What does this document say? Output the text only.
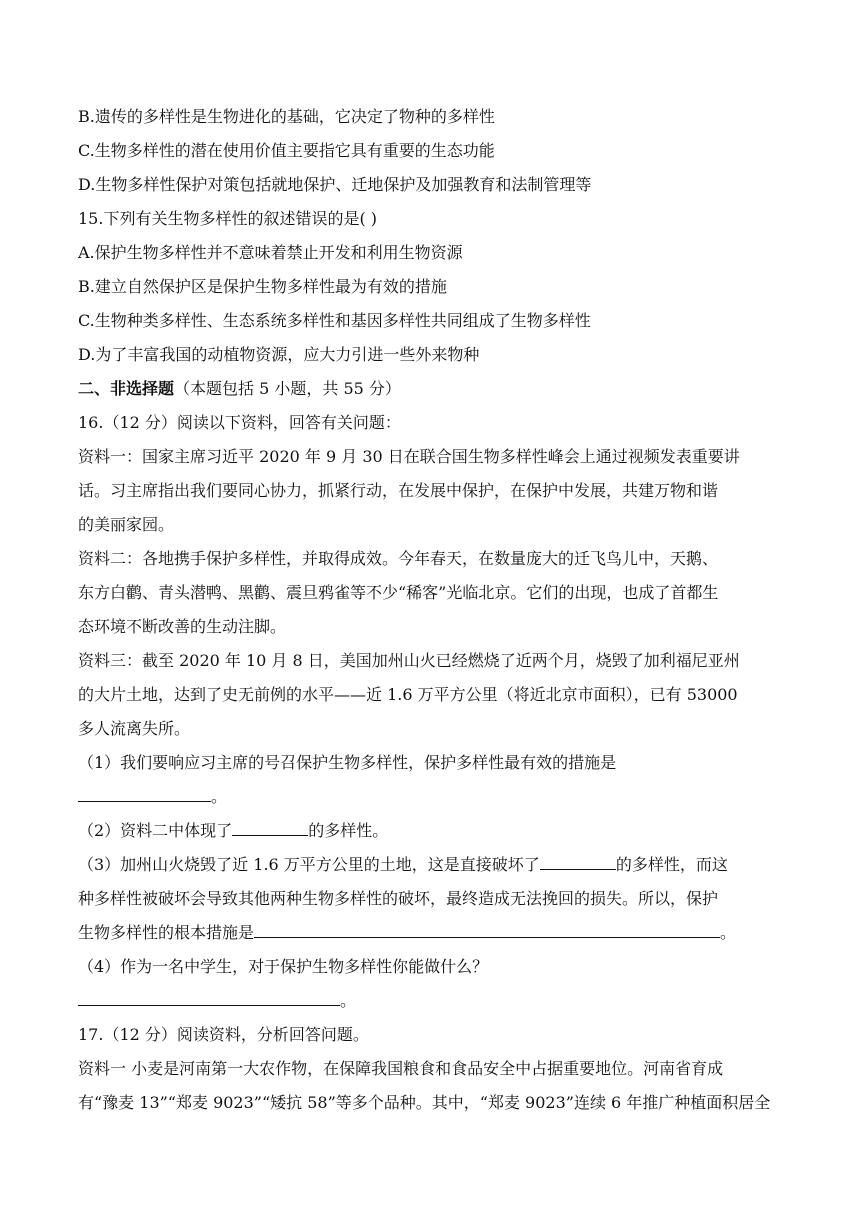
B.遗传的多样性是生物进化的基础，它决定了物种的多样性

C.生物多样性的潜在使用价值主要指它具有重要的生态功能

D.生物多样性保护对策包括就地保护、迁地保护及加强教育和法制管理等

15.下列有关生物多样性的叙述错误的是( )

A.保护生物多样性并不意味着禁止开发和利用生物资源

B.建立自然保护区是保护生物多样性最为有效的措施

C.生物种类多样性、生态系统多样性和基因多样性共同组成了生物多样性

D.为了丰富我国的动植物资源，应大力引进一些外来物种

二、非选择题（本题包括 5 小题，共 55 分）

16.（12 分）阅读以下资料，回答有关问题：

资料一：国家主席习近平 2020 年 9 月 30 日在联合国生物多样性峰会上通过视频发表重要讲

话。习主席指出我们要同心协力，抓紧行动，在发展中保护，在保护中发展，共建万物和谐

的美丽家园。

资料二：各地携手保护多样性，并取得成效。今年春天，在数量庞大的迁飞鸟儿中，天鹅、

东方白鹳、青头潜鸭、黑鹳、震旦鸦雀等不少“稀客”光临北京。它们的出现，也成了首都生

态环境不断改善的生动注脚。

资料三：截至 2020 年 10 月 8 日，美国加州山火已经燃烧了近两个月，烧毁了加利福尼亚州

的大片土地，达到了史无前例的水平——近 1.6 万平方公里（将近北京市面积），已有 53000

多人流离失所。

（1）我们要响应习主席的号召保护生物多样性，保护多样性最有效的措施是

。

（2）资料二中体现了	的多样性。

（3）加州山火烧毁了近 1.6 万平方公里的土地，这是直接破坏了	的多样性，而这

种多样性被破坏会导致其他两种生物多样性的破坏，最终造成无法挽回的损失。所以，保护

生物多样性的根本措施是	。

（4）作为一名中学生，对于保护生物多样性你能做什么？

。

17.（12 分）阅读资料，分析回答问题。

资料一 小麦是河南第一大农作物，在保障我国粮食和食品安全中占据重要地位。河南省育成

有“豫麦 13”“郑麦 9023”“矮抗 58”等多个品种。其中，“郑麦 9023”连续 6 年推广种植面积居全
